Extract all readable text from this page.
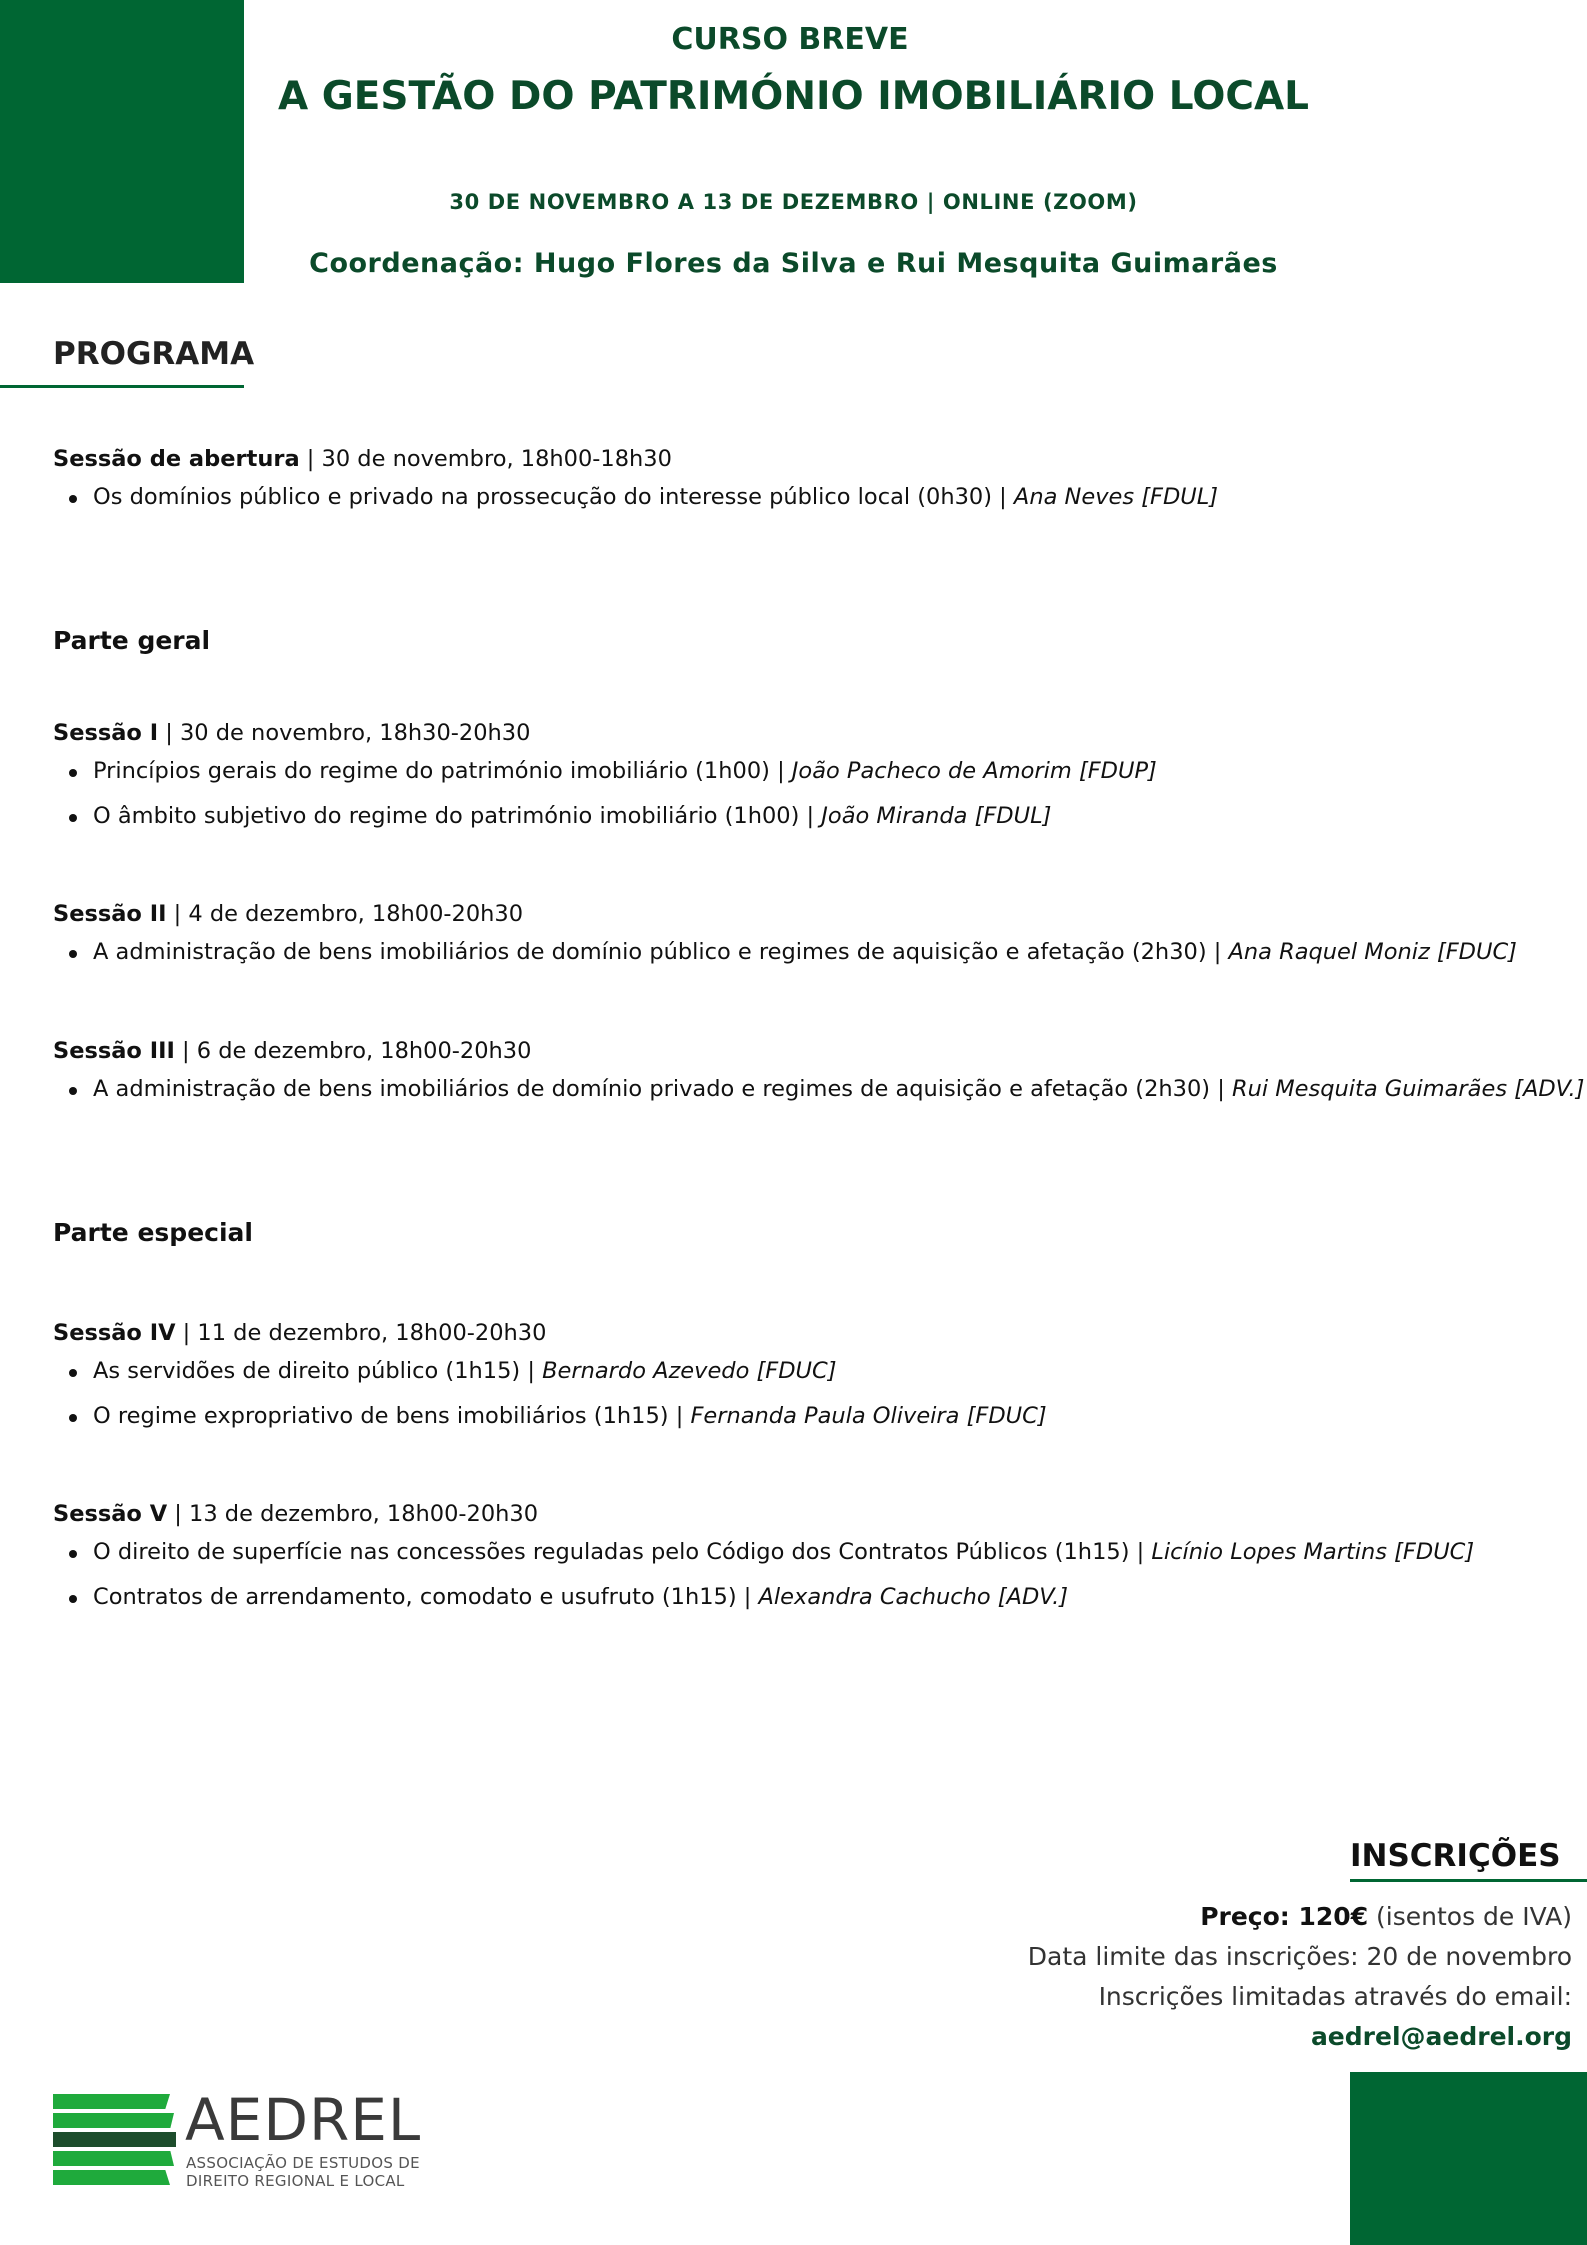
CURSO BREVE
A GESTÃO DO PATRIMÓNIO IMOBILIÁRIO LOCAL
30 DE NOVEMBRO A 13 DE DEZEMBRO | ONLINE (ZOOM)
Coordenação: Hugo Flores da Silva e Rui Mesquita Guimarães
PROGRAMA
Sessão de abertura | 30 de novembro, 18h00-18h30
Os domínios público e privado na prossecução do interesse público local (0h30) | Ana Neves [FDUL]
Parte geral
Sessão I | 30 de novembro, 18h30-20h30
Princípios gerais do regime do património imobiliário (1h00) | João Pacheco de Amorim [FDUP]
O âmbito subjetivo do regime do património imobiliário (1h00) | João Miranda [FDUL]
Sessão II | 4 de dezembro, 18h00-20h30
A administração de bens imobiliários de domínio público e regimes de aquisição e afetação (2h30) | Ana Raquel Moniz [FDUC]
Sessão III | 6 de dezembro, 18h00-20h30
A administração de bens imobiliários de domínio privado e regimes de aquisição e afetação (2h30) | Rui Mesquita Guimarães [ADV.]
Parte especial
Sessão IV | 11 de dezembro, 18h00-20h30
As servidões de direito público (1h15) | Bernardo Azevedo [FDUC]
O regime expropriativo de bens imobiliários (1h15) | Fernanda Paula Oliveira [FDUC]
Sessão V | 13 de dezembro, 18h00-20h30
O direito de superfície nas concessões reguladas pelo Código dos Contratos Públicos (1h15) | Licínio Lopes Martins [FDUC]
Contratos de arrendamento, comodato e usufruto (1h15) | Alexandra Cachucho [ADV.]
INSCRIÇÕES
Preço: 120€ (isentos de IVA)
Data limite das inscrições: 20 de novembro
Inscrições limitadas através do email:
aedrel@aedrel.org
AEDREL
ASSOCIAÇÃO DE ESTUDOS DE
DIREITO REGIONAL E LOCAL
